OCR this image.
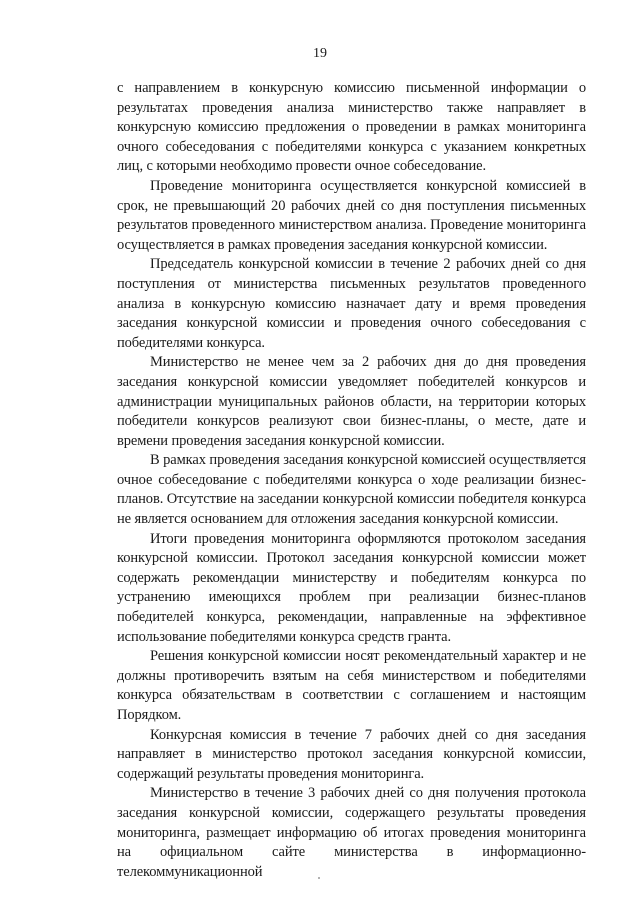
19

с направлением в конкурсную комиссию письменной информации о результатах проведения анализа министерство также направляет в конкурсную комиссию предложения о проведении в рамках мониторинга очного собеседования с победителями конкурса с указанием конкретных лиц, с которыми необходимо провести очное собеседование.

Проведение мониторинга осуществляется конкурсной комиссией в срок, не превышающий 20 рабочих дней со дня поступления письменных результатов проведенного министерством анализа. Проведение мониторинга осуществляется в рамках проведения заседания конкурсной комиссии.

Председатель конкурсной комиссии в течение 2 рабочих дней со дня поступления от министерства письменных результатов проведенного анализа в конкурсную комиссию назначает дату и время проведения заседания конкурсной комиссии и проведения очного собеседования с победителями конкурса.

Министерство не менее чем за 2 рабочих дня до дня проведения заседания конкурсной комиссии уведомляет победителей конкурсов и администрации муниципальных районов области, на территории которых победители конкурсов реализуют свои бизнес-планы, о месте, дате и времени проведения заседания конкурсной комиссии.

В рамках проведения заседания конкурсной комиссией осуществляется очное собеседование с победителями конкурса о ходе реализации бизнес-планов. Отсутствие на заседании конкурсной комиссии победителя конкурса не является основанием для отложения заседания конкурсной комиссии.

Итоги проведения мониторинга оформляются протоколом заседания конкурсной комиссии. Протокол заседания конкурсной комиссии может содержать рекомендации министерству и победителям конкурса по устранению имеющихся проблем при реализации бизнес-планов победителей конкурса, рекомендации, направленные на эффективное использование победителями конкурса средств гранта.

Решения конкурсной комиссии носят рекомендательный характер и не должны противоречить взятым на себя министерством и победителями конкурса обязательствам в соответствии с соглашением и настоящим Порядком.

Конкурсная комиссия в течение 7 рабочих дней со дня заседания направляет в министерство протокол заседания конкурсной комиссии, содержащий результаты проведения мониторинга.

Министерство в течение 3 рабочих дней со дня получения протокола заседания конкурсной комиссии, содержащего результаты проведения мониторинга, размещает информацию об итогах проведения мониторинга на официальном сайте министерства в информационно-телекоммуникационной
